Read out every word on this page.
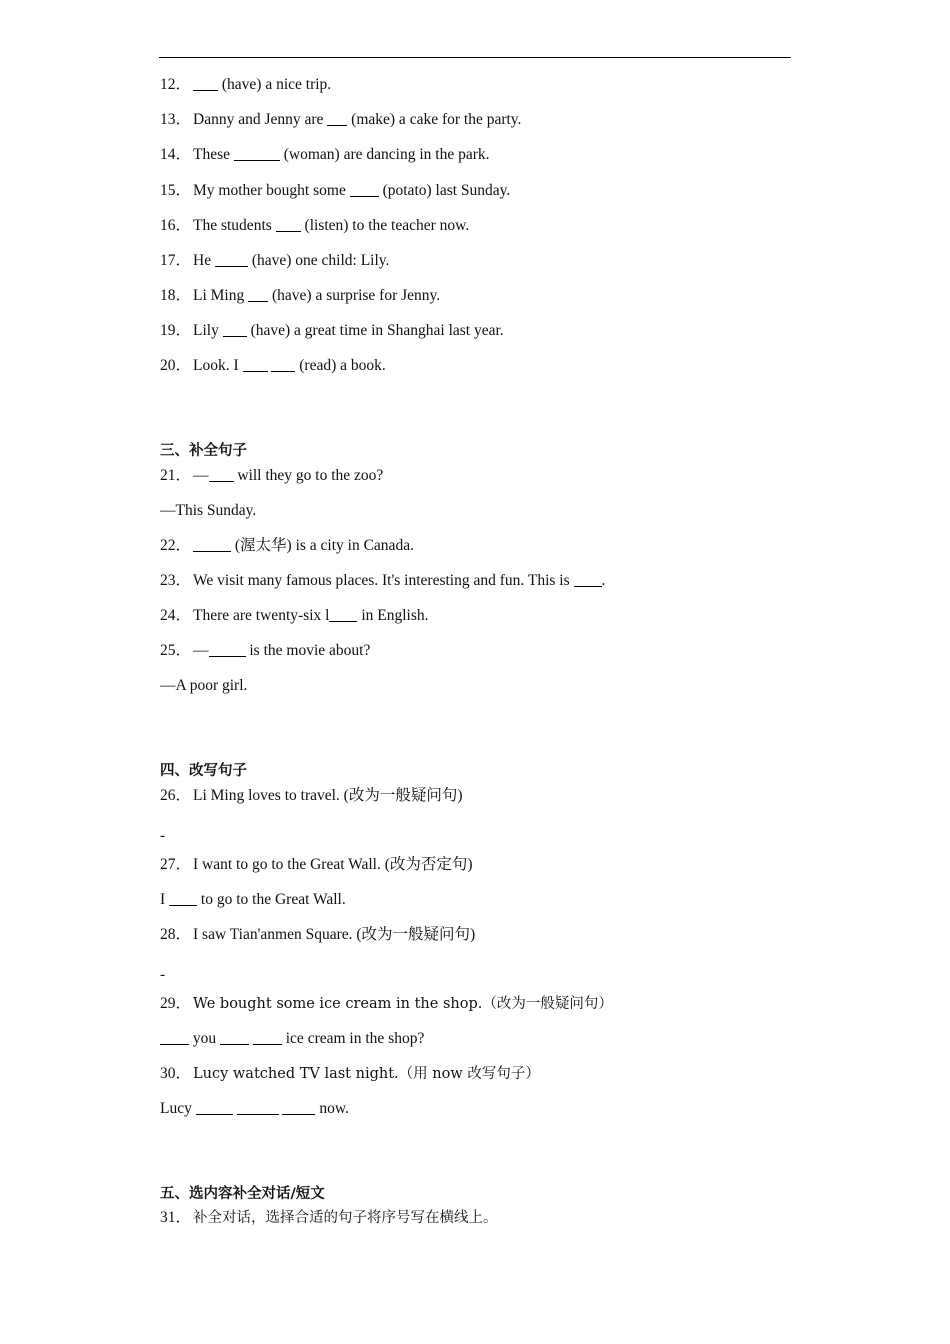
12． (have) a nice trip.
13． Danny and Jenny are  (make) a cake for the party.
14． These	(woman) are dancing in the park.
15． My mother bought some  (potato) last Sunday.
16． The students  (listen) to the teacher now.
17． He  (have) one child: Lily.
18． Li Ming  (have) a surprise for Jenny.
19． Lily  (have) a great time in Shanghai last year.
20． Look. I	(read) a book.
三、补全句子
21． — will they go to the zoo?
—This Sunday.
22．	(渥太华) is a city in Canada.
23． We visit many famous places. It's interesting and fun. This is .
24． There are twenty-six l in English.
25． — is the movie about?
—A poor girl.
四、改写句子
26． Li Ming loves to travel. (改为一般疑问句)
-
27． I want to go to the Great Wall. (改为否定句)
I  to go to the Great Wall.
28． I saw Tian'anmen Square. (改为一般疑问句)
-
29． We bought some ice cream in the shop.（改为一般疑问句）
you	ice cream in the shop?
30． Lucy watched TV last night.（用 now 改写句子）
Lucy	now.
五、选内容补全对话/短文
31． 补全对话，选择合适的句子将序号写在横线上。
